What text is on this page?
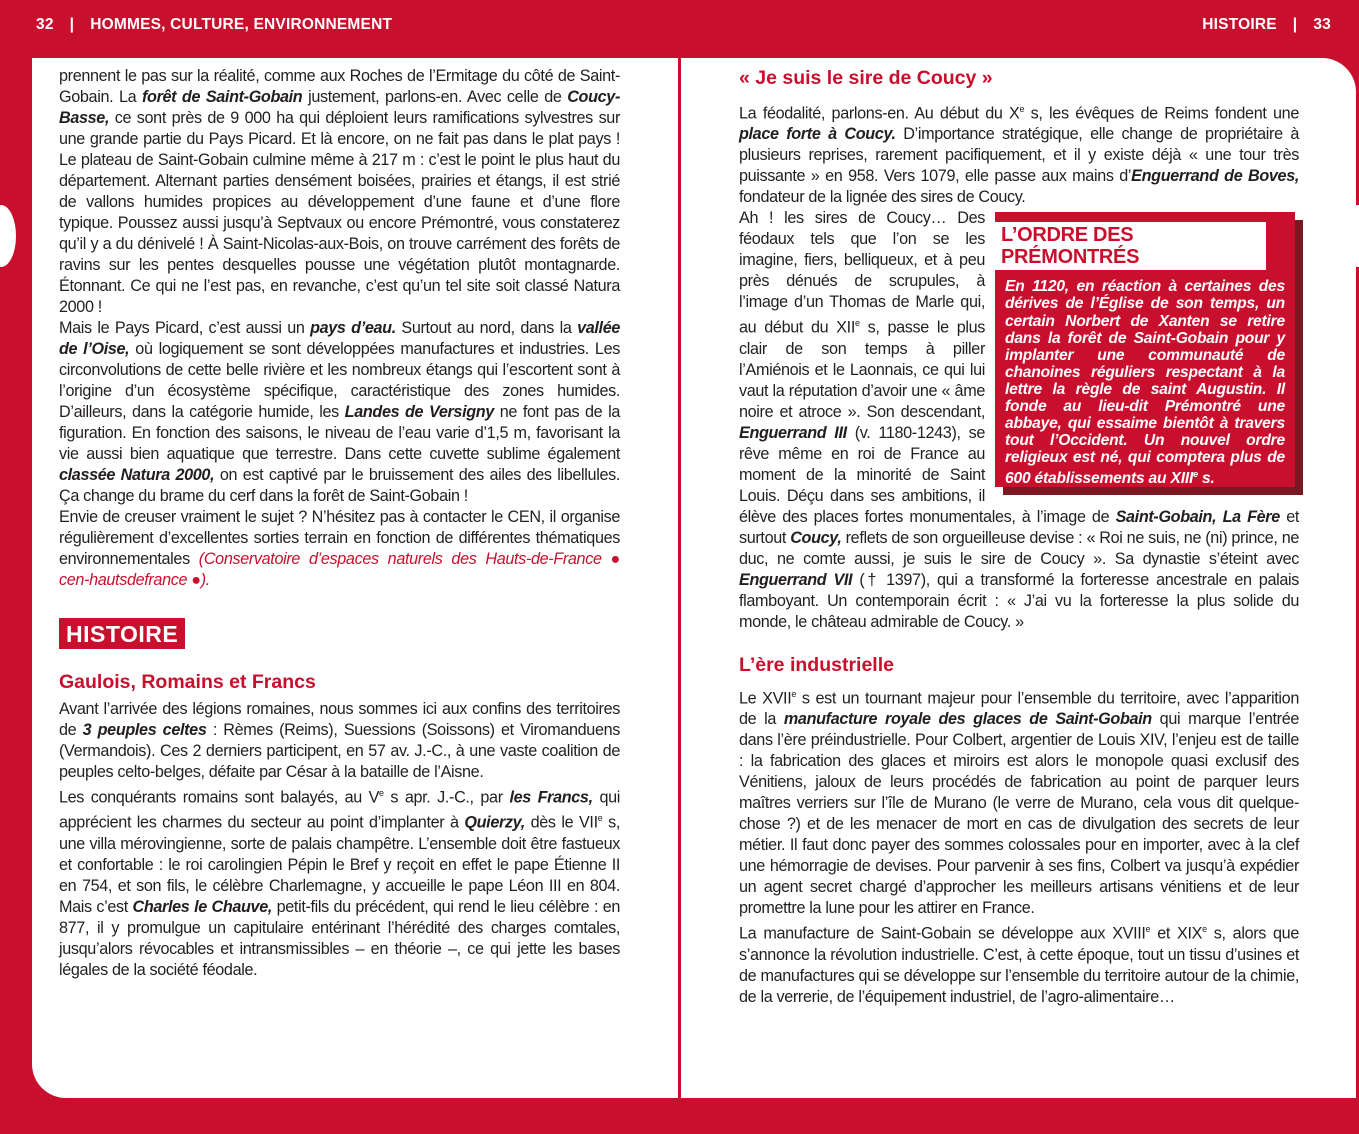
32 | HOMMES, CULTURE, ENVIRONNEMENT	HISTOIRE | 33

prennent le pas sur la réalité, comme aux Roches de l’Ermitage du côté de Saint-Gobain. La forêt de Saint-Gobain justement, parlons-en. Avec celle de Coucy-Basse, ce sont près de 9 000 ha qui déploient leurs ramifications sylvestres sur une grande partie du Pays Picard. Et là encore, on ne fait pas dans le plat pays ! Le plateau de Saint-Gobain culmine même à 217 m : c’est le point le plus haut du département. Alternant parties densément boisées, prairies et étangs, il est strié de vallons humides propices au développement d’une faune et d’une flore typique. Poussez aussi jusqu’à Septvaux ou encore Prémontré, vous constaterez qu’il y a du dénivelé ! À Saint-Nicolas-aux-Bois, on trouve carrément des forêts de ravins sur les pentes desquelles pousse une végétation plutôt montagnarde. Étonnant. Ce qui ne l’est pas, en revanche, c’est qu’un tel site soit classé Natura 2000 !

Mais le Pays Picard, c’est aussi un pays d’eau. Surtout au nord, dans la vallée de l’Oise, où logiquement se sont développées manufactures et industries. Les circonvolutions de cette belle rivière et les nombreux étangs qui l’escortent sont à l’origine d’un écosystème spécifique, caractéristique des zones humides. D’ailleurs, dans la catégorie humide, les Landes de Versigny ne font pas de la figuration. En fonction des saisons, le niveau de l’eau varie d’1,5 m, favorisant la vie aussi bien aquatique que terrestre. Dans cette cuvette sublime également classée Natura 2000, on est captivé par le bruissement des ailes des libellules. Ça change du brame du cerf dans la forêt de Saint-Gobain !

Envie de creuser vraiment le sujet ? N’hésitez pas à contacter le CEN, il organise régulièrement d’excellentes sorties terrain en fonction de différentes thématiques environnementales (Conservatoire d’espaces naturels des Hauts-de-France ● cen-hautsdefrance ●).

HISTOIRE

Gaulois, Romains et Francs

Avant l’arrivée des légions romaines, nous sommes ici aux confins des territoires de 3 peuples celtes : Rèmes (Reims), Suessions (Soissons) et Viromanduens (Vermandois). Ces 2 derniers participent, en 57 av. J.-C., à une vaste coalition de peuples celto-belges, défaite par César à la bataille de l’Aisne.

Les conquérants romains sont balayés, au Ve s apr. J.-C., par les Francs, qui apprécient les charmes du secteur au point d’implanter à Quierzy, dès le VIIe s, une villa mérovingienne, sorte de palais champêtre. L’ensemble doit être fastueux et confortable : le roi carolingien Pépin le Bref y reçoit en effet le pape Étienne II en 754, et son fils, le célèbre Charlemagne, y accueille le pape Léon III en 804. Mais c’est Charles le Chauve, petit-fils du précédent, qui rend le lieu célèbre : en 877, il y promulgue un capitulaire entérinant l’hérédité des charges comtales, jusqu’alors révocables et intransmissibles – en théorie –, ce qui jette les bases légales de la société féodale.

« Je suis le sire de Coucy »

La féodalité, parlons-en. Au début du Xe s, les évêques de Reims fondent une place forte à Coucy. D’importance stratégique, elle change de propriétaire à plusieurs reprises, rarement pacifiquement, et il y existe déjà « une tour très puissante » en 958. Vers 1079, elle passe aux mains d’Enguerrand de Boves, fondateur de la lignée des sires de Coucy.

L’ORDRE DES PRÉMONTRÉS
En 1120, en réaction à certaines des dérives de l’Église de son temps, un certain Norbert de Xanten se retire dans la forêt de Saint-Gobain pour y implanter une communauté de chanoines réguliers respectant à la lettre la règle de saint Augustin. Il fonde au lieu-dit Prémontré une abbaye, qui essaime bientôt à travers tout l’Occident. Un nouvel ordre religieux est né, qui comptera plus de 600 établissements au XIIIe s.

Ah ! les sires de Coucy… Des féodaux tels que l’on se les imagine, fiers, belliqueux, et à peu près dénués de scrupules, à l’image d’un Thomas de Marle qui, au début du XIIe s, passe le plus clair de son temps à piller l’Amiénois et le Laonnais, ce qui lui vaut la réputation d’avoir une « âme noire et atroce ». Son descendant, Enguerrand III (v. 1180-1243), se rêve même en roi de France au moment de la minorité de Saint Louis. Déçu dans ses ambitions, il élève des places fortes monumentales, à l’image de Saint-Gobain, La Fère et surtout Coucy, reflets de son orgueilleuse devise : « Roi ne suis, ne (ni) prince, ne duc, ne comte aussi, je suis le sire de Coucy ». Sa dynastie s’éteint avec Enguerrand VII († 1397), qui a transformé la forteresse ancestrale en palais flamboyant. Un contemporain écrit : « J’ai vu la forteresse la plus solide du monde, le château admirable de Coucy. »

L’ère industrielle

Le XVIIe s est un tournant majeur pour l’ensemble du territoire, avec l’apparition de la manufacture royale des glaces de Saint-Gobain qui marque l’entrée dans l’ère préindustrielle. Pour Colbert, argentier de Louis XIV, l’enjeu est de taille : la fabrication des glaces et miroirs est alors le monopole quasi exclusif des Vénitiens, jaloux de leurs procédés de fabrication au point de parquer leurs maîtres verriers sur l’île de Murano (le verre de Murano, cela vous dit quelque-chose ?) et de les menacer de mort en cas de divulgation des secrets de leur métier. Il faut donc payer des sommes colossales pour en importer, avec à la clef une hémorragie de devises. Pour parvenir à ses fins, Colbert va jusqu’à expédier un agent secret chargé d’approcher les meilleurs artisans vénitiens et de leur promettre la lune pour les attirer en France.

La manufacture de Saint-Gobain se développe aux XVIIIe et XIXe s, alors que s’annonce la révolution industrielle. C’est, à cette époque, tout un tissu d’usines et de manufactures qui se développe sur l’ensemble du territoire autour de la chimie, de la verrerie, de l’équipement industriel, de l’agro-alimentaire…
